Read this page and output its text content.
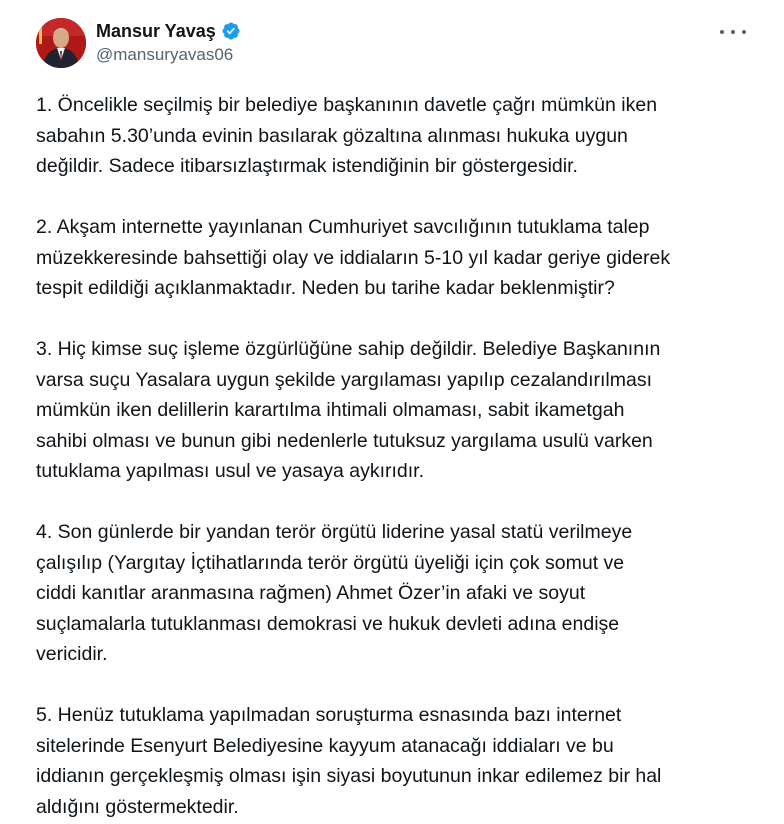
Mansur Yavaş
@mansuryavas06

1. Öncelikle seçilmiş bir belediye başkanının davetle çağrı mümkün iken
sabahın 5.30’unda evinin basılarak gözaltına alınması hukuka uygun
değildir. Sadece itibarsızlaştırmak istendiğinin bir göstergesidir.

2. Akşam internette yayınlanan Cumhuriyet savcılığının tutuklama talep
müzekkeresinde bahsettiği olay ve iddiaların 5-10 yıl kadar geriye giderek
tespit edildiği açıklanmaktadır. Neden bu tarihe kadar beklenmiştir?

3. Hiç kimse suç işleme özgürlüğüne sahip değildir. Belediye Başkanının
varsa suçu Yasalara uygun şekilde yargılaması yapılıp cezalandırılması
mümkün iken delillerin karartılma ihtimali olmaması, sabit ikametgah
sahibi olması ve bunun gibi nedenlerle tutuksuz yargılama usulü varken
tutuklama yapılması usul ve yasaya aykırıdır.

4. Son günlerde bir yandan terör örgütü liderine yasal statü verilmeye
çalışılıp (Yargıtay İçtihatlarında terör örgütü üyeliği için çok somut ve
ciddi kanıtlar aranmasına rağmen) Ahmet Özer’in afaki ve soyut
suçlamalarla tutuklanması demokrasi ve hukuk devleti adına endişe
vericidir.

5. Henüz tutuklama yapılmadan soruşturma esnasında bazı internet
sitelerinde Esenyurt Belediyesine kayyum atanacağı iddiaları ve bu
iddianın gerçekleşmiş olması işin siyasi boyutunun inkar edilemez bir hal
aldığını göstermektedir.
